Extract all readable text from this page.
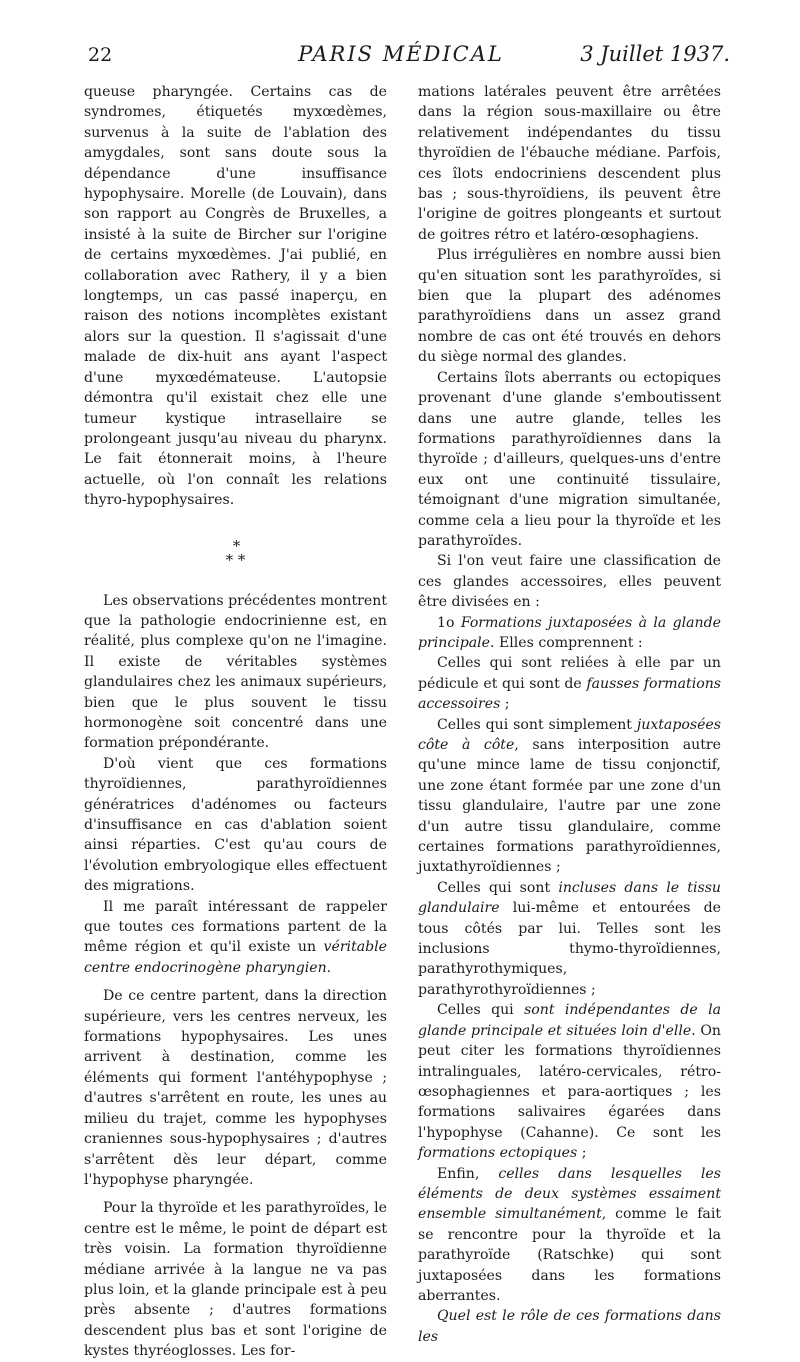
22	PARIS MÉDICAL	3 Juillet 1937.

queuse pharyngée. Certains cas de syndromes, étiquetés myxœdèmes, survenus à la suite de l'ablation des amygdales, sont sans doute sous la dépendance d'une insuffisance hypophysaire. Morelle (de Louvain), dans son rapport au Congrès de Bruxelles, a insisté à la suite de Bircher sur l'origine de certains myxœdèmes. J'ai publié, en collaboration avec Rathery, il y a bien longtemps, un cas passé inaperçu, en raison des notions incomplètes existant alors sur la question. Il s'agissait d'une malade de dix-huit ans ayant l'aspect d'une myxœdémateuse. L'autopsie démontra qu'il existait chez elle une tumeur kystique intrasellaire se prolongeant jusqu'au niveau du pharynx. Le fait étonnerait moins, à l'heure actuelle, où l'on connaît les relations thyro-hypophysaires.

*
* *

Les observations précédentes montrent que la pathologie endocrinienne est, en réalité, plus complexe qu'on ne l'imagine. Il existe de véritables systèmes glandulaires chez les animaux supérieurs, bien que le plus souvent le tissu hormonogène soit concentré dans une formation prépondérante.

D'où vient que ces formations thyroïdiennes, parathyroïdiennes génératrices d'adénomes ou facteurs d'insuffisance en cas d'ablation soient ainsi réparties. C'est qu'au cours de l'évolution embryologique elles effectuent des migrations.

Il me paraît intéressant de rappeler que toutes ces formations partent de la même région et qu'il existe un véritable centre endocrinogène pharyngien.

De ce centre partent, dans la direction supérieure, vers les centres nerveux, les formations hypophysaires. Les unes arrivent à destination, comme les éléments qui forment l'antéhypophyse ; d'autres s'arrêtent en route, les unes au milieu du trajet, comme les hypophyses craniennes sous-hypophysaires ; d'autres s'arrêtent dès leur départ, comme l'hypophyse pharyngée.

Pour la thyroïde et les parathyroïdes, le centre est le même, le point de départ est très voisin. La formation thyroïdienne médiane arrivée à la langue ne va pas plus loin, et la glande principale est à peu près absente ; d'autres formations descendent plus bas et sont l'origine de kystes thyréoglosses. Les for-

mations latérales peuvent être arrêtées dans la région sous-maxillaire ou être relativement indépendantes du tissu thyroïdien de l'ébauche médiane. Parfois, ces îlots endocriniens descendent plus bas ; sous-thyroïdiens, ils peuvent être l'origine de goitres plongeants et surtout de goitres rétro et latéro-œsophagiens.

Plus irrégulières en nombre aussi bien qu'en situation sont les parathyroïdes, si bien que la plupart des adénomes parathyroïdiens dans un assez grand nombre de cas ont été trouvés en dehors du siège normal des glandes.

Certains îlots aberrants ou ectopiques provenant d'une glande s'emboutissent dans une autre glande, telles les formations parathyroïdiennes dans la thyroïde ; d'ailleurs, quelques-uns d'entre eux ont une continuité tissulaire, témoignant d'une migration simultanée, comme cela a lieu pour la thyroïde et les parathyroïdes.

Si l'on veut faire une classification de ces glandes accessoires, elles peuvent être divisées en :

1o Formations juxtaposées à la glande principale. Elles comprennent :

Celles qui sont reliées à elle par un pédicule et qui sont de fausses formations accessoires ;

Celles qui sont simplement juxtaposées côte à côte, sans interposition autre qu'une mince lame de tissu conjonctif, une zone étant formée par une zone d'un tissu glandulaire, l'autre par une zone d'un autre tissu glandulaire, comme certaines formations parathyroïdiennes, juxtathyroïdiennes ;

Celles qui sont incluses dans le tissu glandulaire lui-même et entourées de tous côtés par lui. Telles sont les inclusions thymo-thyroïdiennes, parathyrothymiques, parathyrothyroïdiennes ;

Celles qui sont indépendantes de la glande principale et situées loin d'elle. On peut citer les formations thyroïdiennes intralinguales, latéro-cervicales, rétro-œsophagiennes et para-aortiques ; les formations salivaires égarées dans l'hypophyse (Cahanne). Ce sont les formations ectopiques ;

Enfin, celles dans lesquelles les éléments de deux systèmes essaiment ensemble simultanément, comme le fait se rencontre pour la thyroïde et la parathyroïde (Ratschke) qui sont juxtaposées dans les formations aberrantes.

Quel est le rôle de ces formations dans les
